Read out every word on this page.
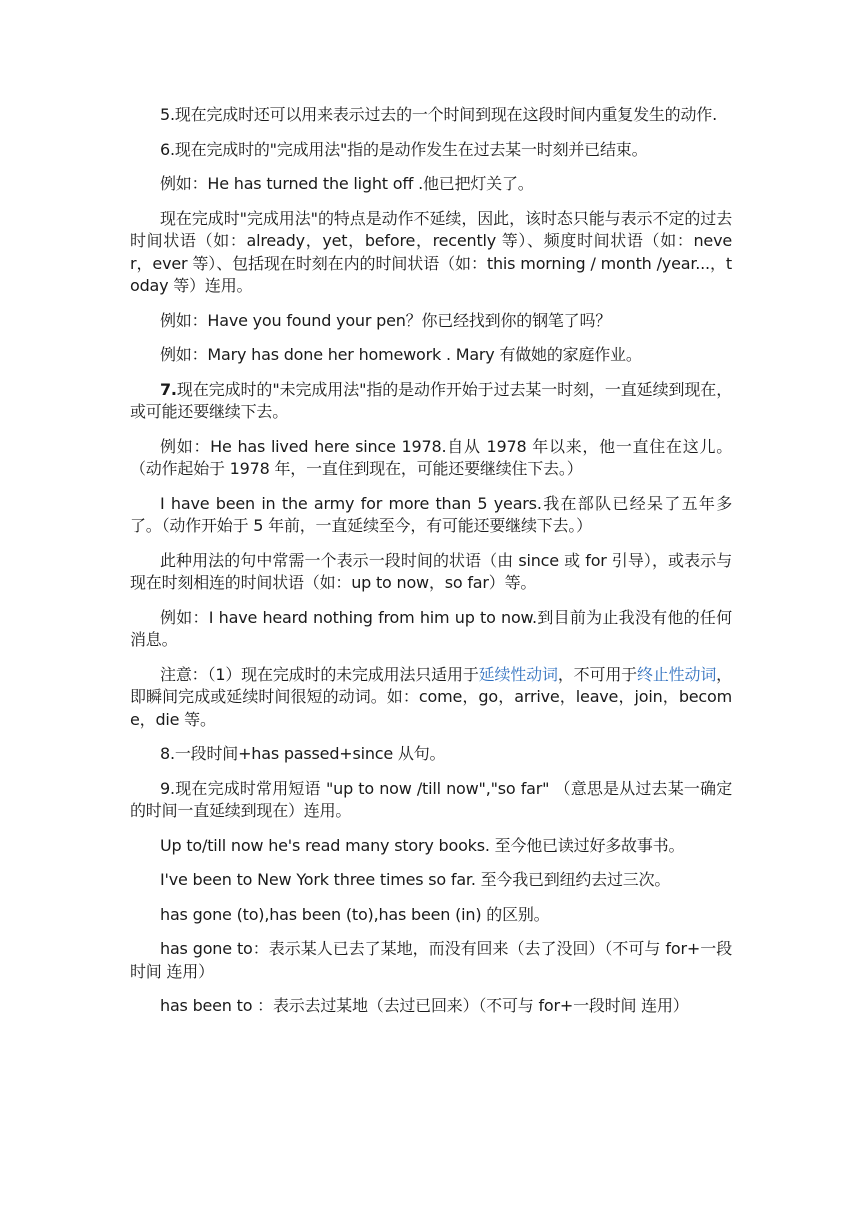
5.现在完成时还可以用来表示过去的一个时间到现在这段时间内重复发生的动作.

6.现在完成时的"完成用法"指的是动作发生在过去某一时刻并已结束。

例如：He has turned the light off .他已把灯关了。

现在完成时"完成用法"的特点是动作不延续，因此，该时态只能与表示不定的过去时间状语（如：already，yet，before，recently 等）、频度时间状语（如：never，ever 等）、包括现在时刻在内的时间状语（如：this morning / month /year...，today 等）连用。

例如：Have you found your pen？你已经找到你的钢笔了吗？

例如：Mary has done her homework . Mary 有做她的家庭作业。

7.现在完成时的"未完成用法"指的是动作开始于过去某一时刻，一直延续到现在，或可能还要继续下去。

例如：He has lived here since 1978.自从 1978 年以来，他一直住在这儿。（动作起始于 1978 年，一直住到现在，可能还要继续住下去。）

I have been in the army for more than 5 years.我在部队已经呆了五年多了。（动作开始于 5 年前，一直延续至今，有可能还要继续下去。）

此种用法的句中常需一个表示一段时间的状语（由 since 或 for 引导），或表示与现在时刻相连的时间状语（如：up to now，so far）等。

例如：I have heard nothing from him up to now.到目前为止我没有他的任何消息。

注意：（1）现在完成时的未完成用法只适用于延续性动词，不可用于终止性动词，即瞬间完成或延续时间很短的动词。如：come，go，arrive，leave，join，become，die 等。

8.一段时间+has passed+since 从句。

9.现在完成时常用短语 "up to now /till now","so far" （意思是从过去某一确定的时间一直延续到现在）连用。

Up to/till now he's read many story books. 至今他已读过好多故事书。

I've been to New York three times so far. 至今我已到纽约去过三次。

has gone (to),has been (to),has been (in) 的区别。

has gone to：表示某人已去了某地，而没有回来（去了没回）（不可与 for+一段时间 连用）

has been to ：表示去过某地（去过已回来）（不可与 for+一段时间 连用）
